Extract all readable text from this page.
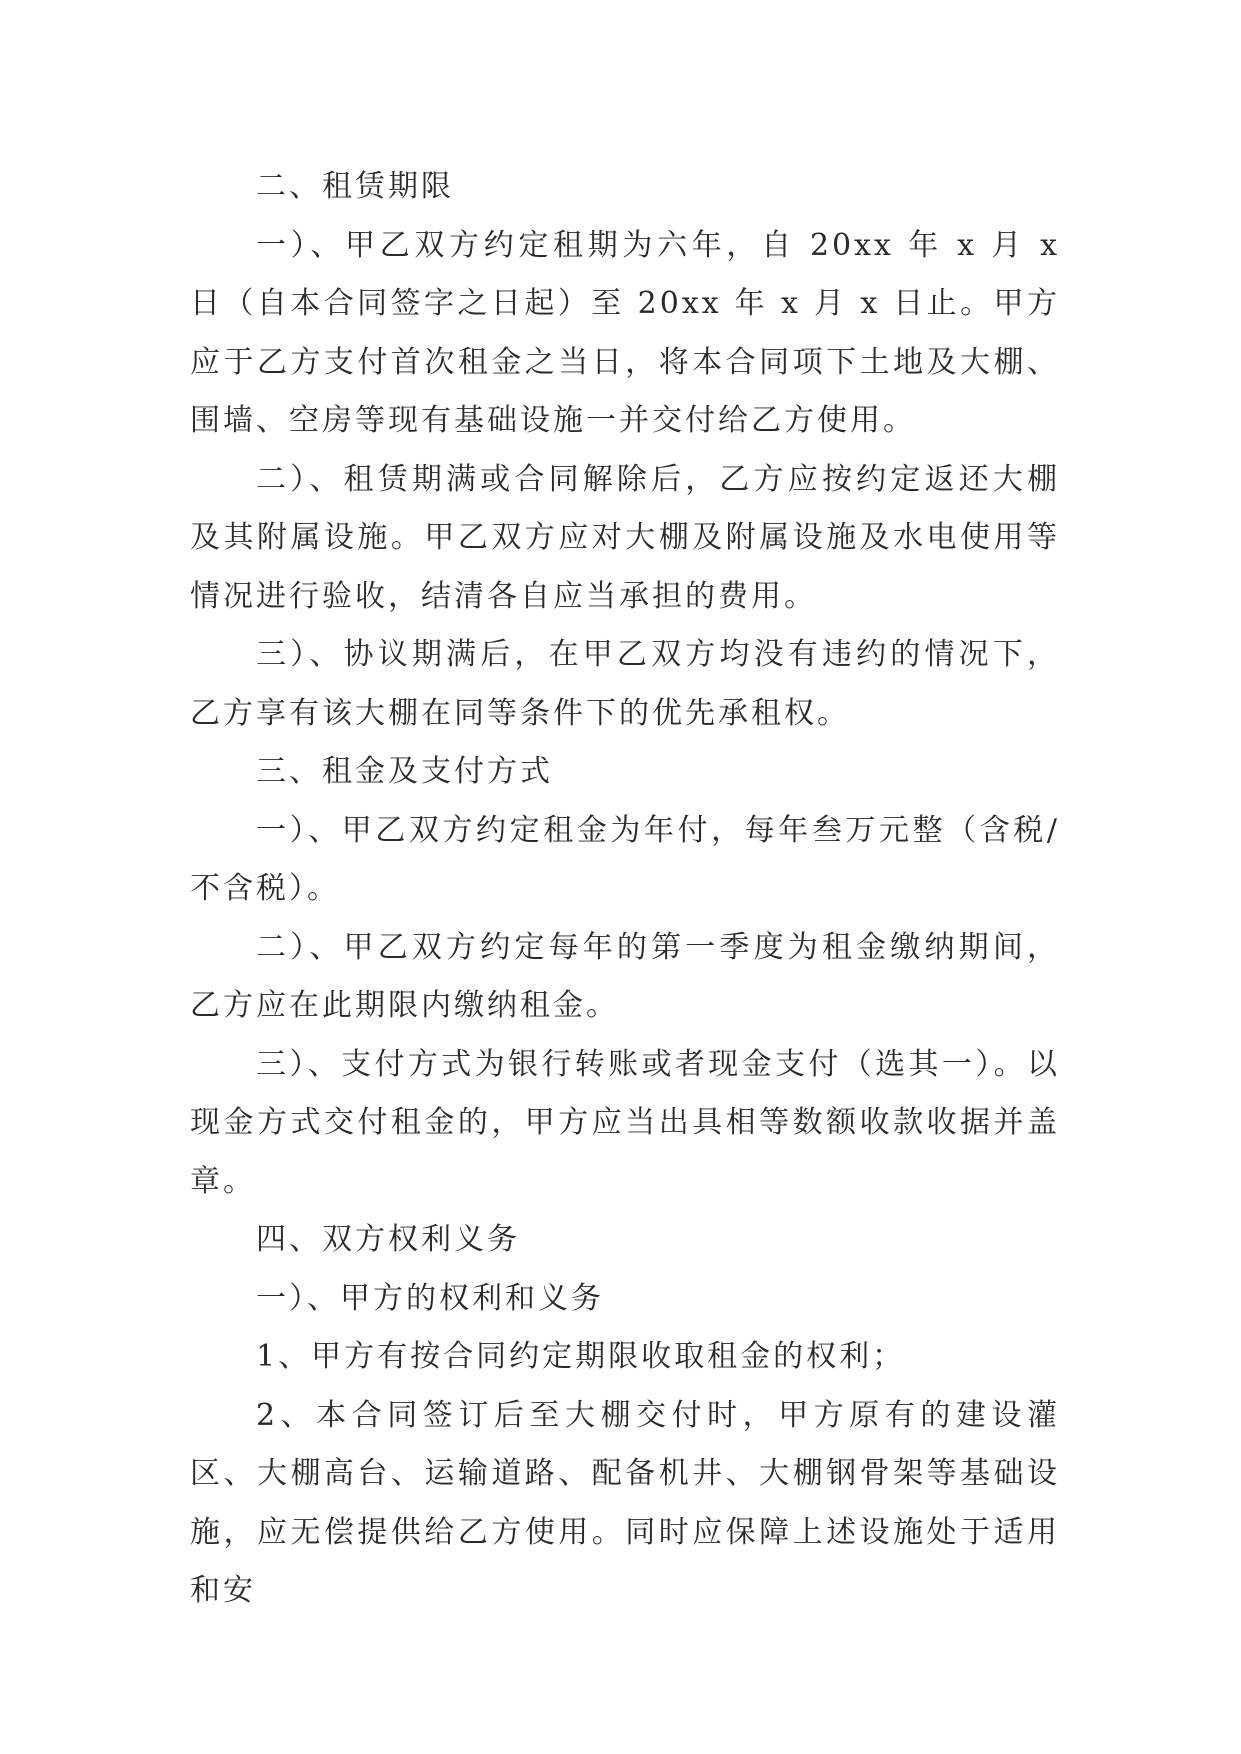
二、租赁期限

一）、甲乙双方约定租期为六年，自 20xx 年 x 月 x 日（自本合同签字之日起）至 20xx 年 x 月 x 日止。甲方应于乙方支付首次租金之当日，将本合同项下土地及大棚、围墙、空房等现有基础设施一并交付给乙方使用。

二）、租赁期满或合同解除后，乙方应按约定返还大棚及其附属设施。甲乙双方应对大棚及附属设施及水电使用等情况进行验收，结清各自应当承担的费用。

三）、协议期满后，在甲乙双方均没有违约的情况下，乙方享有该大棚在同等条件下的优先承租权。

三、租金及支付方式

一）、甲乙双方约定租金为年付，每年叁万元整（含税/不含税）。

二）、甲乙双方约定每年的第一季度为租金缴纳期间，乙方应在此期限内缴纳租金。

三）、支付方式为银行转账或者现金支付（选其一）。以现金方式交付租金的，甲方应当出具相等数额收款收据并盖章。

四、双方权利义务

一）、甲方的权利和义务

1、甲方有按合同约定期限收取租金的权利；

2、本合同签订后至大棚交付时，甲方原有的建设灌区、大棚高台、运输道路、配备机井、大棚钢骨架等基础设施，应无偿提供给乙方使用。同时应保障上述设施处于适用和安
